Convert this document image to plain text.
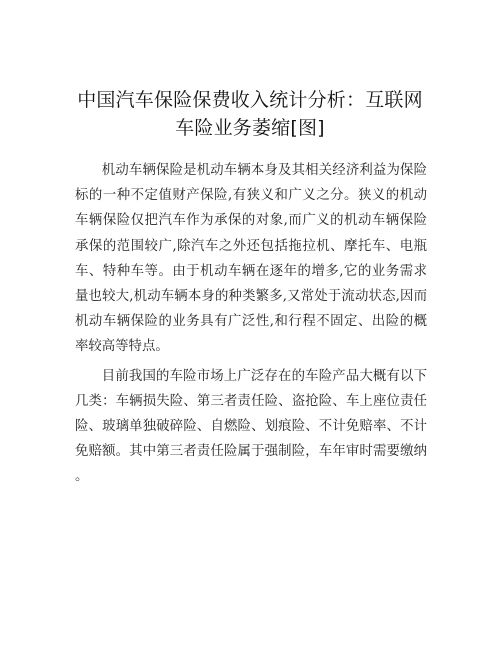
中国汽车保险保费收入统计分析：互联网车险业务萎缩[图]

机动车辆保险是机动车辆本身及其相关经济利益为保险标的一种不定值财产保险,有狭义和广义之分。狭义的机动车辆保险仅把汽车作为承保的对象,而广义的机动车辆保险承保的范围较广,除汽车之外还包括拖拉机、摩托车、电瓶车、特种车等。由于机动车辆在逐年的增多,它的业务需求量也较大,机动车辆本身的种类繁多,又常处于流动状态,因而机动车辆保险的业务具有广泛性,和行程不固定、出险的概率较高等特点。

目前我国的车险市场上广泛存在的车险产品大概有以下几类：车辆损失险、第三者责任险、盗抢险、车上座位责任险、玻璃单独破碎险、自燃险、划痕险、不计免赔率、不计免赔额。其中第三者责任险属于强制险，车年审时需要缴纳。
